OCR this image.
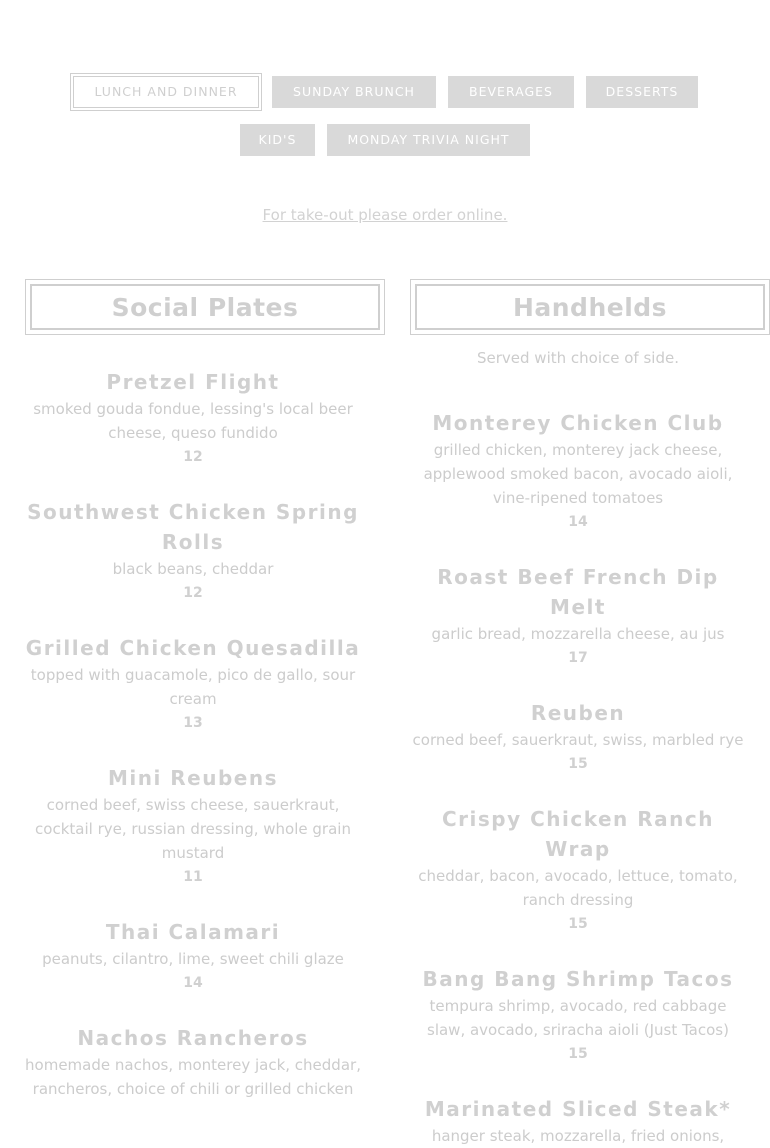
LUNCH AND DINNER	SUNDAY BRUNCH	BEVERAGES	DESSERTS
KID'S	MONDAY TRIVIA NIGHT
For take-out please order online.
Social Plates
Pretzel Flight
smoked gouda fondue, lessing's local beer cheese, queso fundido
12
Southwest Chicken Spring Rolls
black beans, cheddar
12
Grilled Chicken Quesadilla
topped with guacamole, pico de gallo, sour cream
13
Mini Reubens
corned beef, swiss cheese, sauerkraut, cocktail rye, russian dressing, whole grain mustard
11
Thai Calamari
peanuts, cilantro, lime, sweet chili glaze
14
Nachos Rancheros
homemade nachos, monterey jack, cheddar, rancheros, choice of chili or grilled chicken
Handhelds
Served with choice of side.
Monterey Chicken Club
grilled chicken, monterey jack cheese, applewood smoked bacon, avocado aioli, vine-ripened tomatoes
14
Roast Beef French Dip Melt
garlic bread, mozzarella cheese, au jus
17
Reuben
corned beef, sauerkraut, swiss, marbled rye
15
Crispy Chicken Ranch Wrap
cheddar, bacon, avocado, lettuce, tomato, ranch dressing
15
Bang Bang Shrimp Tacos
tempura shrimp, avocado, red cabbage slaw, avocado, sriracha aioli (Just Tacos)
15
Marinated Sliced Steak*
hanger steak, mozzarella, fried onions,
